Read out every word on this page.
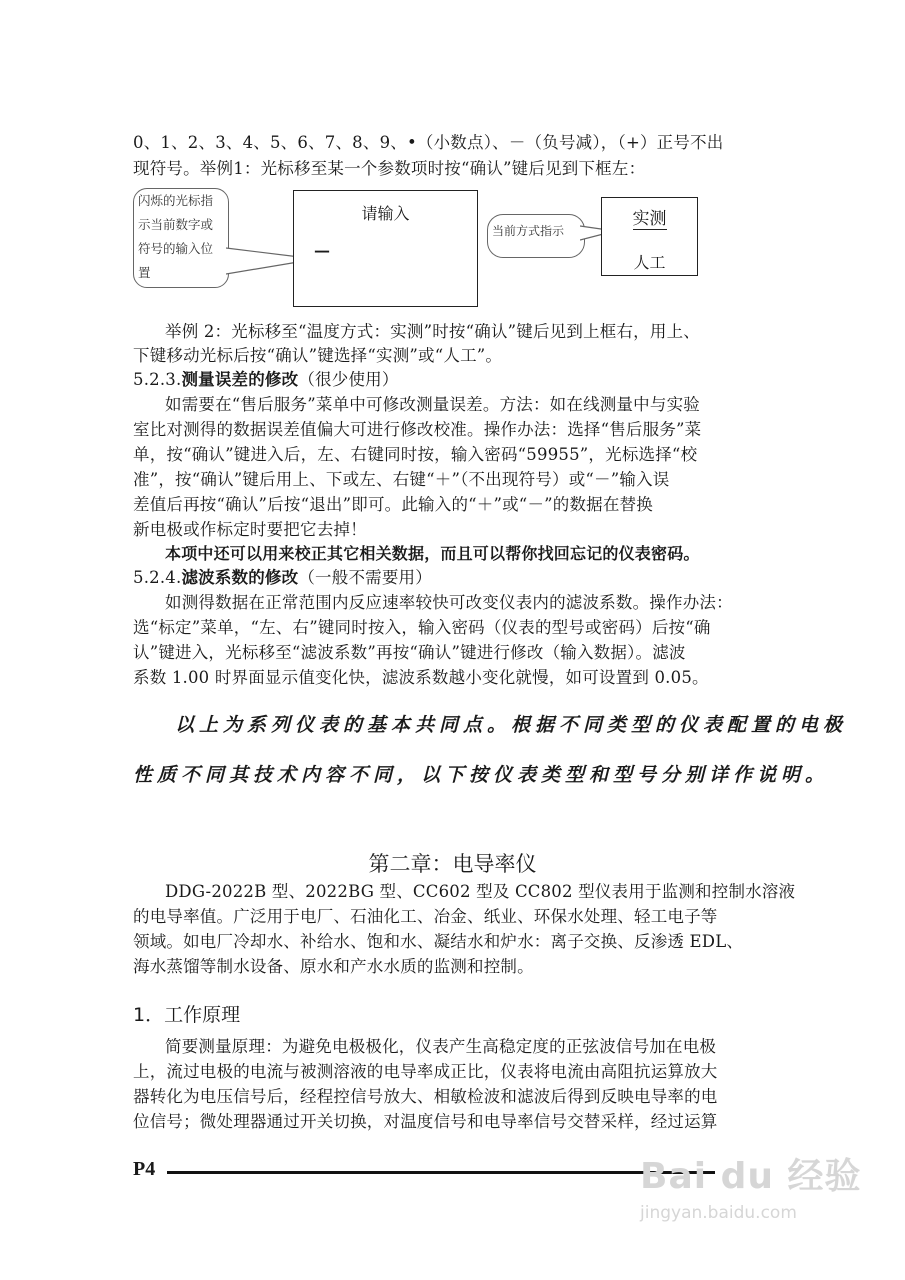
0、1、2、3、4、5、6、7、8、9、•（小数点）、－（负号减），（+）正号不出
现符号。举例1：光标移至某一个参数项时按“确认”键后见到下框左：
闪烁的光标指
示当前数字或
符号的输入位
置
请输入
—
当前方式指示
实测
人工
举例 2：光标移至“温度方式：实测”时按“确认”键后见到上框右，用上、
下键移动光标后按“确认”键选择“实测”或“人工”。
5.2.3.测量误差的修改（很少使用）
如需要在“售后服务”菜单中可修改测量误差。方法：如在线测量中与实验
室比对测得的数据误差值偏大可进行修改校准。操作办法：选择“售后服务”菜
单，按“确认”键进入后，左、右键同时按，输入密码“59955”，光标选择“校
准”，按“确认”键后用上、下或左、右键“＋”（不出现符号）或“－”输入误
差值后再按“确认”后按“退出”即可。此输入的“＋”或“－”的数据在替换
新电极或作标定时要把它去掉！
本项中还可以用来校正其它相关数据，而且可以帮你找回忘记的仪表密码。
5.2.4.滤波系数的修改（一般不需要用）
如测得数据在正常范围内反应速率较快可改变仪表内的滤波系数。操作办法：
选“标定”菜单，“左、右”键同时按入，输入密码（仪表的型号或密码）后按“确
认”键进入，光标移至“滤波系数”再按“确认”键进行修改（输入数据）。滤波
系数 1.00 时界面显示值变化快，滤波系数越小变化就慢，如可设置到 0.05。
以上为系列仪表的基本共同点。根据不同类型的仪表配置的电极
性质不同其技术内容不同，以下按仪表类型和型号分别详作说明。
第二章：电导率仪
DDG-2022B 型、2022BG 型、CC602 型及 CC802 型仪表用于监测和控制水溶液
的电导率值。广泛用于电厂、石油化工、冶金、纸业、环保水处理、轻工电子等
领域。如电厂冷却水、补给水、饱和水、凝结水和炉水：离子交换、反渗透 EDL、
海水蒸馏等制水设备、原水和产水水质的监测和控制。
1．工作原理
简要测量原理：为避免电极极化，仪表产生高稳定度的正弦波信号加在电极
上，流过电极的电流与被测溶液的电导率成正比，仪表将电流由高阻抗运算放大
器转化为电压信号后，经程控信号放大、相敏检波和滤波后得到反映电导率的电
位信号；微处理器通过开关切换，对温度信号和电导率信号交替采样，经过运算
P4	Bai du 经验
jingyan.baidu.com
